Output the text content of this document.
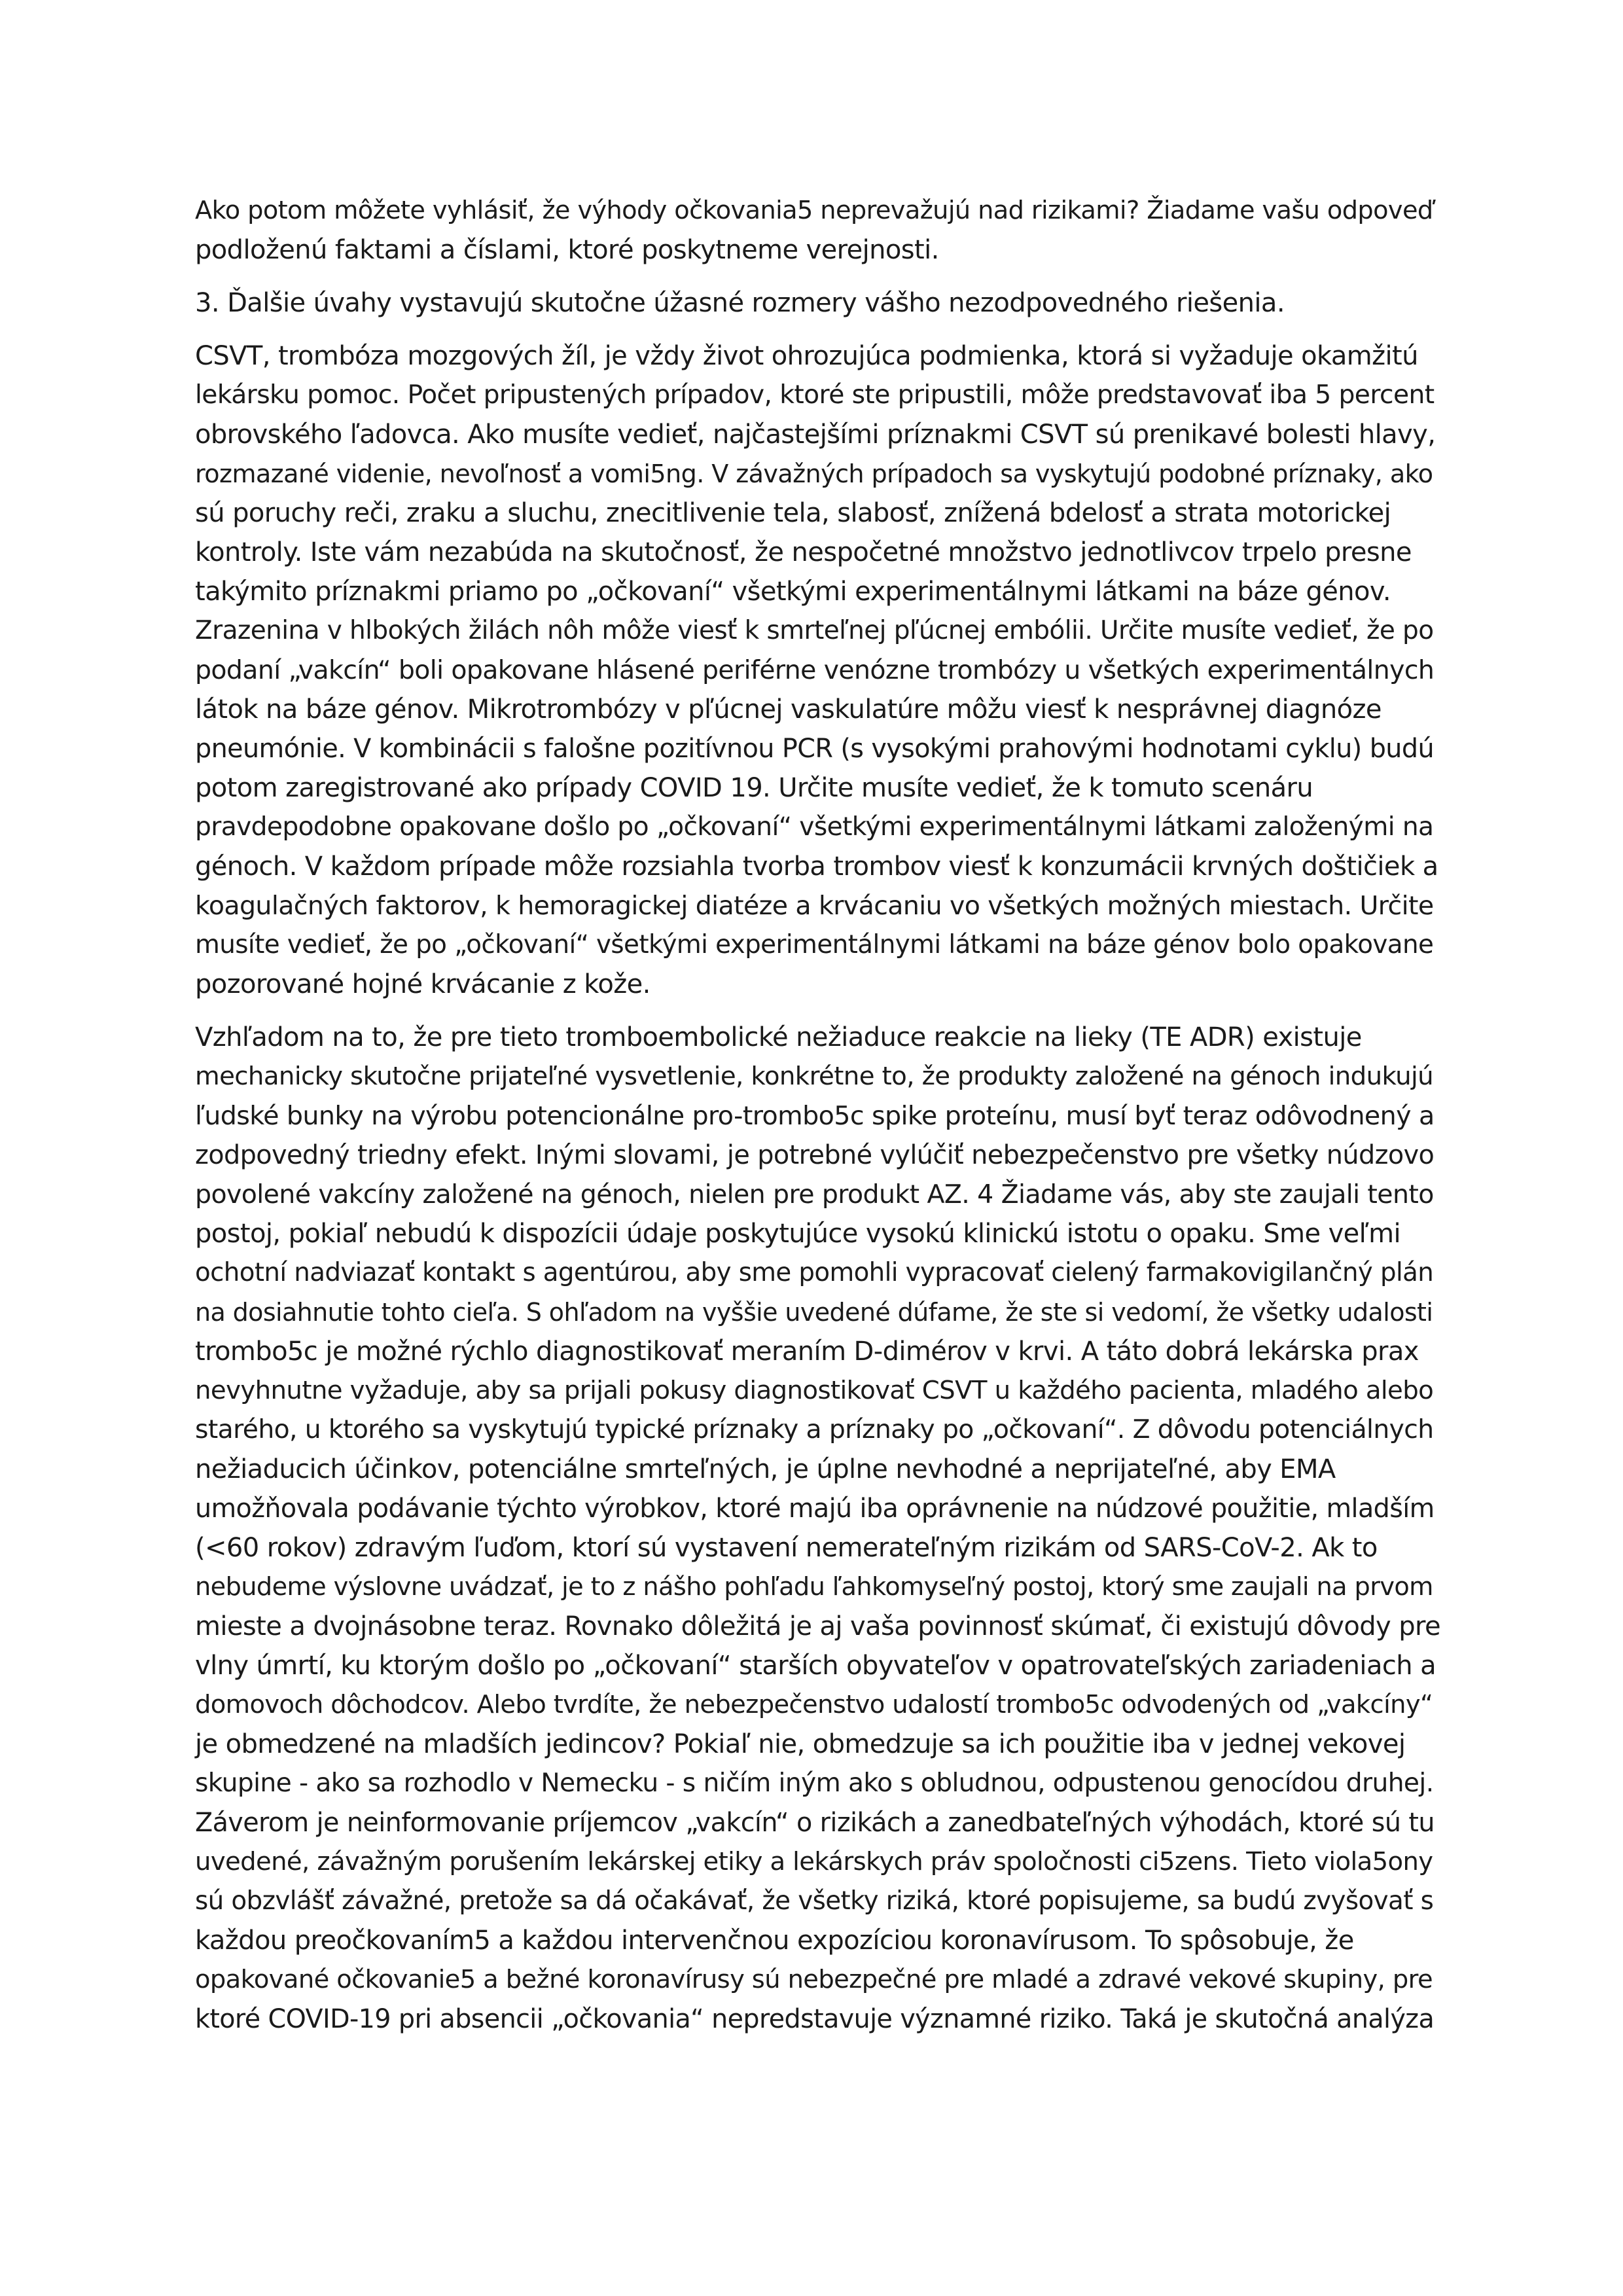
Ako potom môžete vyhlásiť, že výhody očkovania5 neprevažujú nad rizikami? Žiadame vašu odpoveď
podloženú faktami a číslami, ktoré poskytneme verejnosti.

3. Ďalšie úvahy vystavujú skutočne úžasné rozmery vášho nezodpovedného riešenia.

CSVT, trombóza mozgových žíl, je vždy život ohrozujúca podmienka, ktorá si vyžaduje okamžitú
lekársku pomoc. Počet pripustených prípadov, ktoré ste pripustili, môže predstavovať iba 5 percent
obrovského ľadovca. Ako musíte vedieť, najčastejšími príznakmi CSVT sú prenikavé bolesti hlavy,
rozmazané videnie, nevoľnosť a vomi5ng. V závažných prípadoch sa vyskytujú podobné príznaky, ako
sú poruchy reči, zraku a sluchu, znecitlivenie tela, slabosť, znížená bdelosť a strata motorickej
kontroly. Iste vám nezabúda na skutočnosť, že nespočetné množstvo jednotlivcov trpelo presne
takýmito príznakmi priamo po „očkovaní“ všetkými experimentálnymi látkami na báze génov.
Zrazenina v hlbokých žilách nôh môže viesť k smrteľnej pľúcnej embólii. Určite musíte vedieť, že po
podaní „vakcín“ boli opakovane hlásené periférne venózne trombózy u všetkých experimentálnych
látok na báze génov. Mikrotrombózy v pľúcnej vaskulatúre môžu viesť k nesprávnej diagnóze
pneumónie. V kombinácii s falošne pozitívnou PCR (s vysokými prahovými hodnotami cyklu) budú
potom zaregistrované ako prípady COVID 19. Určite musíte vedieť, že k tomuto scenáru
pravdepodobne opakovane došlo po „očkovaní“ všetkými experimentálnymi látkami založenými na
génoch. V každom prípade môže rozsiahla tvorba trombov viesť k konzumácii krvných doštičiek a
koagulačných faktorov, k hemoragickej diatéze a krvácaniu vo všetkých možných miestach. Určite
musíte vedieť, že po „očkovaní“ všetkými experimentálnymi látkami na báze génov bolo opakovane
pozorované hojné krvácanie z kože.

Vzhľadom na to, že pre tieto tromboembolické nežiaduce reakcie na lieky (TE ADR) existuje
mechanicky skutočne prijateľné vysvetlenie, konkrétne to, že produkty založené na génoch indukujú
ľudské bunky na výrobu potencionálne pro-trombo5c spike proteínu, musí byť teraz odôvodnený a
zodpovedný triedny efekt. Inými slovami, je potrebné vylúčiť nebezpečenstvo pre všetky núdzovo
povolené vakcíny založené na génoch, nielen pre produkt AZ. 4 Žiadame vás, aby ste zaujali tento
postoj, pokiaľ nebudú k dispozícii údaje poskytujúce vysokú klinickú istotu o opaku. Sme veľmi
ochotní nadviazať kontakt s agentúrou, aby sme pomohli vypracovať cielený farmakovigilančný plán
na dosiahnutie tohto cieľa. S ohľadom na vyššie uvedené dúfame, že ste si vedomí, že všetky udalosti
trombo5c je možné rýchlo diagnostikovať meraním D-dimérov v krvi. A táto dobrá lekárska prax
nevyhnutne vyžaduje, aby sa prijali pokusy diagnostikovať CSVT u každého pacienta, mladého alebo
starého, u ktorého sa vyskytujú typické príznaky a príznaky po „očkovaní“. Z dôvodu potenciálnych
nežiaducich účinkov, potenciálne smrteľných, je úplne nevhodné a neprijateľné, aby EMA
umožňovala podávanie týchto výrobkov, ktoré majú iba oprávnenie na núdzové použitie, mladším
(<60 rokov) zdravým ľuďom, ktorí sú vystavení nemerateľným rizikám od SARS-CoV-2. Ak to
nebudeme výslovne uvádzať, je to z nášho pohľadu ľahkomyseľný postoj, ktorý sme zaujali na prvom
mieste a dvojnásobne teraz. Rovnako dôležitá je aj vaša povinnosť skúmať, či existujú dôvody pre
vlny úmrtí, ku ktorým došlo po „očkovaní“ starších obyvateľov v opatrovateľských zariadeniach a
domovoch dôchodcov. Alebo tvrdíte, že nebezpečenstvo udalostí trombo5c odvodených od „vakcíny“
je obmedzené na mladších jedincov? Pokiaľ nie, obmedzuje sa ich použitie iba v jednej vekovej
skupine - ako sa rozhodlo v Nemecku - s ničím iným ako s obludnou, odpustenou genocídou druhej.
Záverom je neinformovanie príjemcov „vakcín“ o rizikách a zanedbateľných výhodách, ktoré sú tu
uvedené, závažným porušením lekárskej etiky a lekárskych práv spoločnosti ci5zens. Tieto viola5ony
sú obzvlášť závažné, pretože sa dá očakávať, že všetky riziká, ktoré popisujeme, sa budú zvyšovať s
každou preočkovaním5 a každou intervenčnou expozíciou koronavírusom. To spôsobuje, že
opakované očkovanie5 a bežné koronavírusy sú nebezpečné pre mladé a zdravé vekové skupiny, pre
ktoré COVID-19 pri absencii „očkovania“ nepredstavuje významné riziko. Taká je skutočná analýza
